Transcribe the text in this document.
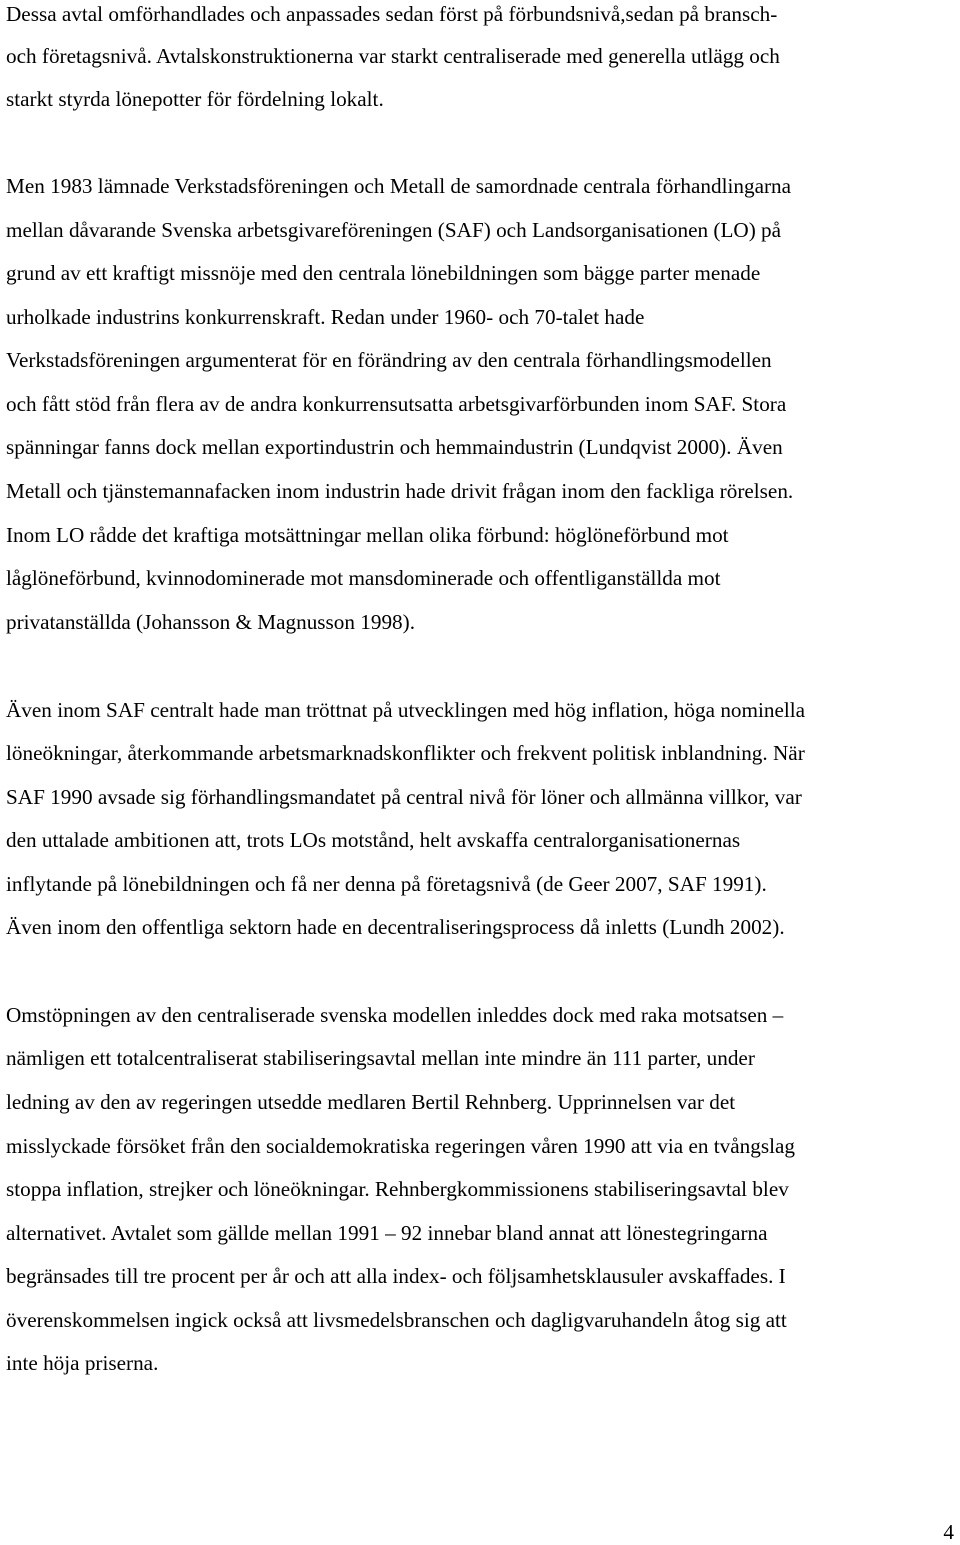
Dessa avtal omförhandlades och anpassades sedan först på förbundsnivå,sedan på bransch-

och företagsnivå. Avtalskonstruktionerna var starkt centraliserade med generella utlägg och

starkt styrda lönepotter för fördelning lokalt.

Men 1983 lämnade Verkstadsföreningen och Metall de samordnade centrala förhandlingarna

mellan dåvarande Svenska arbetsgivareföreningen (SAF) och Landsorganisationen (LO) på

grund av ett kraftigt missnöje med den centrala lönebildningen som bägge parter menade

urholkade industrins konkurrenskraft. Redan under 1960- och 70-talet hade

Verkstadsföreningen argumenterat för en förändring av den centrala förhandlingsmodellen

och fått stöd från flera av de andra konkurrensutsatta arbetsgivarförbunden inom SAF. Stora

spänningar fanns dock mellan exportindustrin och hemmaindustrin (Lundqvist 2000). Även

Metall och tjänstemannafacken inom industrin hade drivit frågan inom den fackliga rörelsen.

Inom LO rådde det kraftiga motsättningar mellan olika förbund: höglöneförbund mot

låglöneförbund, kvinnodominerade mot mansdominerade och offentliganställda mot

privatanställda (Johansson & Magnusson 1998).

Även inom SAF centralt hade man tröttnat på utvecklingen med hög inflation, höga nominella

löneökningar, återkommande arbetsmarknadskonflikter och frekvent politisk inblandning. När

SAF 1990 avsade sig förhandlingsmandatet på central nivå för löner och allmänna villkor, var

den uttalade ambitionen att, trots LOs motstånd, helt avskaffa centralorganisationernas

inflytande på lönebildningen och få ner denna på företagsnivå (de Geer 2007, SAF 1991).

Även inom den offentliga sektorn hade en decentraliseringsprocess då inletts (Lundh 2002).

Omstöpningen av den centraliserade svenska modellen inleddes dock med raka motsatsen –

nämligen ett totalcentraliserat stabiliseringsavtal mellan inte mindre än 111 parter, under

ledning av den av regeringen utsedde medlaren Bertil Rehnberg. Upprinnelsen var det

misslyckade försöket från den socialdemokratiska regeringen våren 1990 att via en tvångslag

stoppa inflation, strejker och löneökningar. Rehnbergkommissionens stabiliseringsavtal blev

alternativet. Avtalet som gällde mellan 1991 – 92 innebar bland annat att lönestegringarna

begränsades till tre procent per år och att alla index- och följsamhetsklausuler avskaffades. I

överenskommelsen ingick också att livsmedelsbranschen och dagligvaruhandeln åtog sig att

inte höja priserna.

4
